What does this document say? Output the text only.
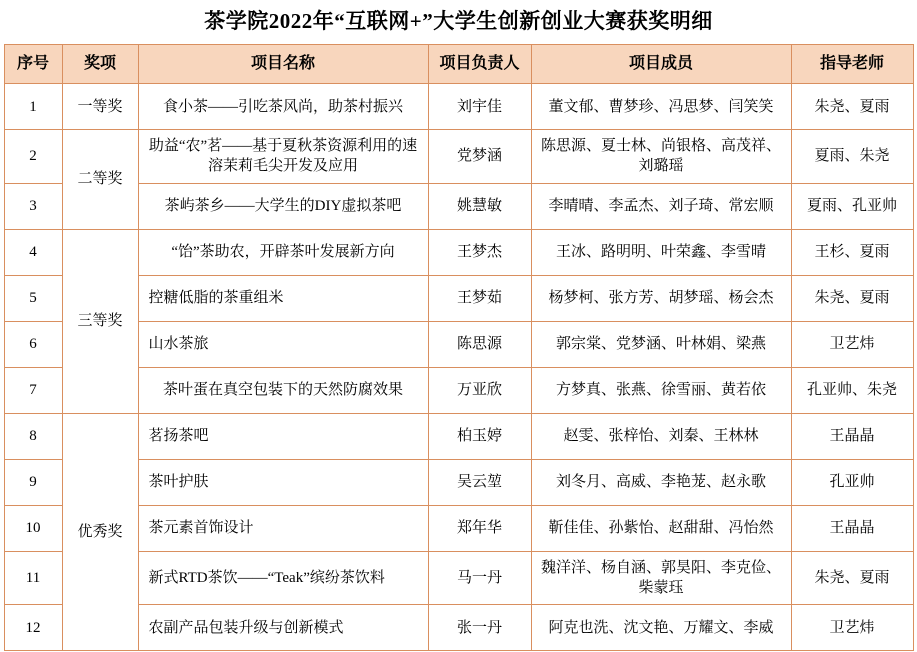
茶学院2022年“互联网+”大学生创新创业大赛获奖明细
序号	奖项	项目名称	项目负责人	项目成员	指导老师
1	一等奖	食小茶——引吃茶风尚，助茶村振兴	刘宇佳	董文郁、曹梦珍、冯思梦、闫笑笑	朱尧、夏雨
2	二等奖	助益“农”茗——基于夏秋茶资源利用的速溶茉莉毛尖开发及应用	党梦涵	陈思源、夏士林、尚银格、高茂祥、刘璐瑶	夏雨、朱尧
3		茶屿茶乡——大学生的DIY虚拟茶吧	姚慧敏	李晴晴、李孟杰、刘子琦、常宏顺	夏雨、孔亚帅
4	三等奖	“饴”茶助农，开辟茶叶发展新方向	王梦杰	王冰、路明明、叶荣鑫、李雪晴	王杉、夏雨
5		控糖低脂的茶重组米	王梦茹	杨梦柯、张方芳、胡梦瑶、杨会杰	朱尧、夏雨
6		山水茶旅	陈思源	郭宗棠、党梦涵、叶林娟、梁燕	卫艺炜
7		茶叶蛋在真空包装下的天然防腐效果	万亚欣	方梦真、张燕、徐雪丽、黄若依	孔亚帅、朱尧
8	优秀奖	茗扬茶吧	柏玉婷	赵雯、张梓怡、刘秦、王林林	王晶晶
9		茶叶护肤	吴云堃	刘冬月、高威、李艳茏、赵永歌	孔亚帅
10		茶元素首饰设计	郑年华	靳佳佳、孙紫怡、赵甜甜、冯怡然	王晶晶
11		新式RTD茶饮——“Teak”缤纷茶饮料	马一丹	魏洋洋、杨自涵、郭昊阳、李克俭、柴蒙珏	朱尧、夏雨
12		农副产品包装升级与创新模式	张一丹	阿克也洗、沈文艳、万耀文、李威	卫艺炜
